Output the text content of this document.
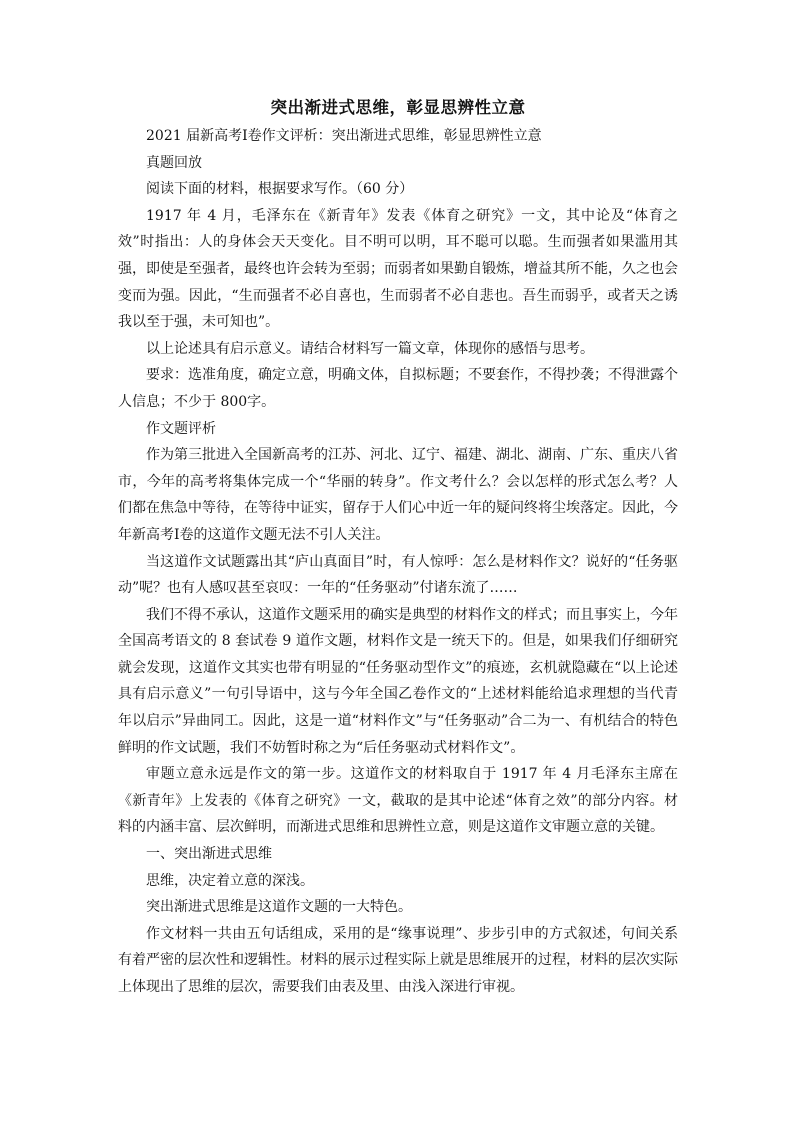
突出渐进式思维，彰显思辨性立意

2021 届新高考Ⅰ卷作文评析：突出渐进式思维，彰显思辨性立意

真题回放

阅读下面的材料，根据要求写作。（60 分）

1917 年 4 月，毛泽东在《新青年》发表《体育之研究》一文，其中论及“体育之效”时指出：人的身体会天天变化。目不明可以明，耳不聪可以聪。生而强者如果滥用其强，即使是至强者，最终也许会转为至弱；而弱者如果勤自锻炼，增益其所不能，久之也会变而为强。因此，“生而强者不必自喜也，生而弱者不必自悲也。吾生而弱乎，或者天之诱我以至于强，未可知也”。

以上论述具有启示意义。请结合材料写一篇文章，体现你的感悟与思考。

要求：选准角度，确定立意，明确文体，自拟标题；不要套作，不得抄袭；不得泄露个人信息；不少于 800字。

作文题评析

作为第三批进入全国新高考的江苏、河北、辽宁、福建、湖北、湖南、广东、重庆八省市，今年的高考将集体完成一个“华丽的转身”。作文考什么？会以怎样的形式怎么考？人们都在焦急中等待，在等待中证实，留存于人们心中近一年的疑问终将尘埃落定。因此，今年新高考Ⅰ卷的这道作文题无法不引人关注。

当这道作文试题露出其“庐山真面目”时，有人惊呼：怎么是材料作文？说好的“任务驱动”呢？也有人感叹甚至哀叹：一年的“任务驱动”付诸东流了……

我们不得不承认，这道作文题采用的确实是典型的材料作文的样式；而且事实上，今年全国高考语文的 8 套试卷 9 道作文题，材料作文是一统天下的。但是，如果我们仔细研究就会发现，这道作文其实也带有明显的“任务驱动型作文”的痕迹，玄机就隐藏在“以上论述具有启示意义”一句引导语中，这与今年全国乙卷作文的“上述材料能给追求理想的当代青年以启示”异曲同工。因此，这是一道“材料作文”与“任务驱动”合二为一、有机结合的特色鲜明的作文试题，我们不妨暂时称之为“后任务驱动式材料作文”。

审题立意永远是作文的第一步。这道作文的材料取自于 1917 年 4 月毛泽东主席在《新青年》上发表的《体育之研究》一文，截取的是其中论述“体育之效”的部分内容。材料的内涵丰富、层次鲜明，而渐进式思维和思辨性立意，则是这道作文审题立意的关键。

一、突出渐进式思维

思维，决定着立意的深浅。

突出渐进式思维是这道作文题的一大特色。

作文材料一共由五句话组成，采用的是“缘事说理”、步步引申的方式叙述，句间关系有着严密的层次性和逻辑性。材料的展示过程实际上就是思维展开的过程，材料的层次实际上体现出了思维的层次，需要我们由表及里、由浅入深进行审视。
